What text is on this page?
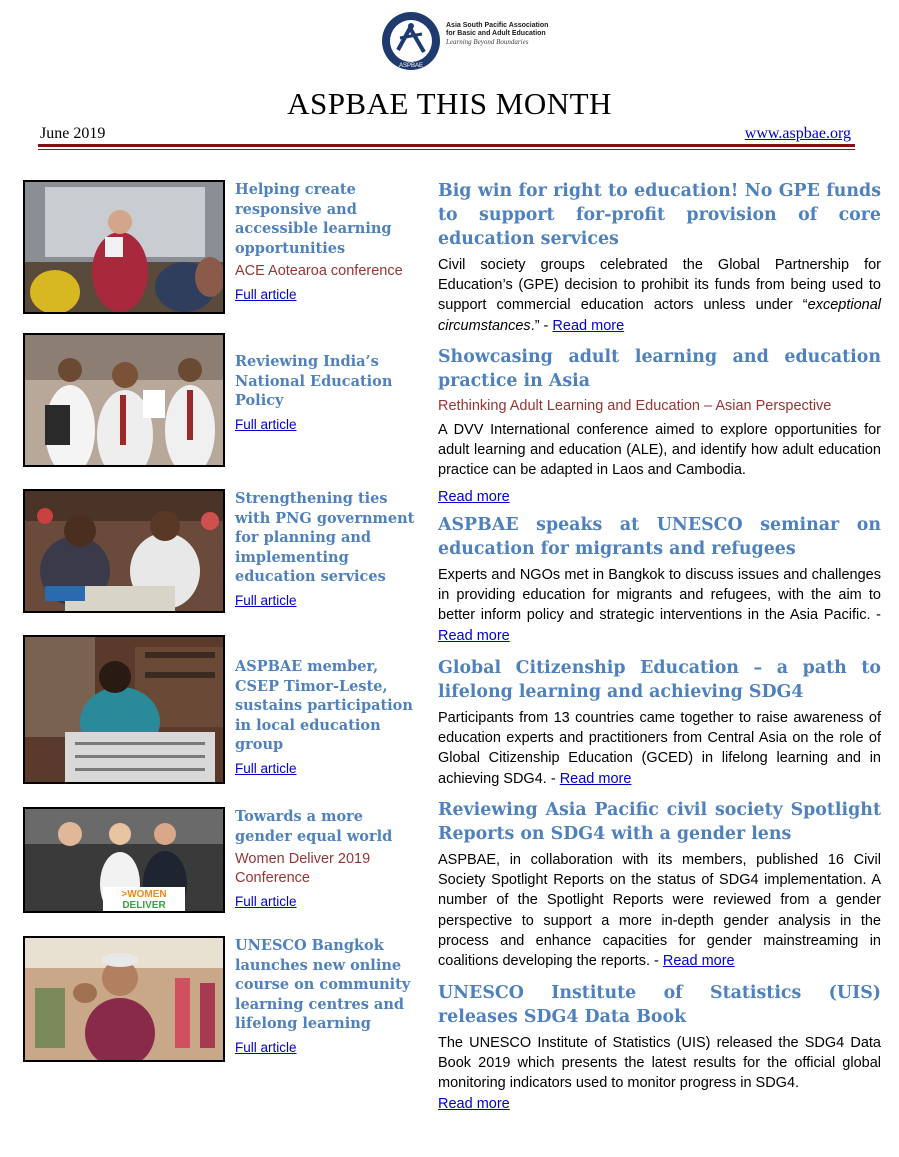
ASPBAE
Asia South Pacific Association
for Basic and Adult Education
Learning Beyond Boundaries
ASPBAE THIS MONTH
June 2019	www.aspbae.org
Helping create responsive and accessible learning opportunities
ACE Aotearoa conference
Full article
Reviewing India’s National Education Policy
Full article
Strengthening ties with PNG government for planning and implementing education services
Full article
ASPBAE member, CSEP Timor-Leste, sustains participation in local education group
Full article
>WOMEN
DELIVER
Towards a more gender equal world
Women Deliver 2019 Conference
Full article
UNESCO Bangkok launches new online course on community learning centres and lifelong learning
Full article
Big win for right to education! No GPE funds to support for-profit provision of core education services
Civil society groups celebrated the Global Partnership for Education’s (GPE) decision to prohibit its funds from being used to support commercial education actors unless under “exceptional circumstances.” - Read more
Showcasing adult learning and education practice in Asia
Rethinking Adult Learning and Education – Asian Perspective
A DVV International conference aimed to explore opportunities for adult learning and education (ALE), and identify how adult education practice can be adapted in Laos and Cambodia.
Read more
ASPBAE speaks at UNESCO seminar on education for migrants and refugees
Experts and NGOs met in Bangkok to discuss issues and challenges in providing education for migrants and refugees, with the aim to better inform policy and strategic interventions in the Asia Pacific. - Read more
Global Citizenship Education – a path to lifelong learning and achieving SDG4
Participants from 13 countries came together to raise awareness of education experts and practitioners from Central Asia on the role of Global Citizenship Education (GCED) in lifelong learning and in achieving SDG4. - Read more
Reviewing Asia Pacific civil society Spotlight Reports on SDG4 with a gender lens
ASPBAE, in collaboration with its members, published 16 Civil Society Spotlight Reports on the status of SDG4 implementation. A number of the Spotlight Reports were reviewed from a gender perspective to support a more in-depth gender analysis in the process and enhance capacities for gender mainstreaming in coalitions developing the reports. - Read more
UNESCO Institute of Statistics (UIS) releases SDG4 Data Book
The UNESCO Institute of Statistics (UIS) released the SDG4 Data Book 2019 which presents the latest results for the official global monitoring indicators used to monitor progress in SDG4.
Read more
